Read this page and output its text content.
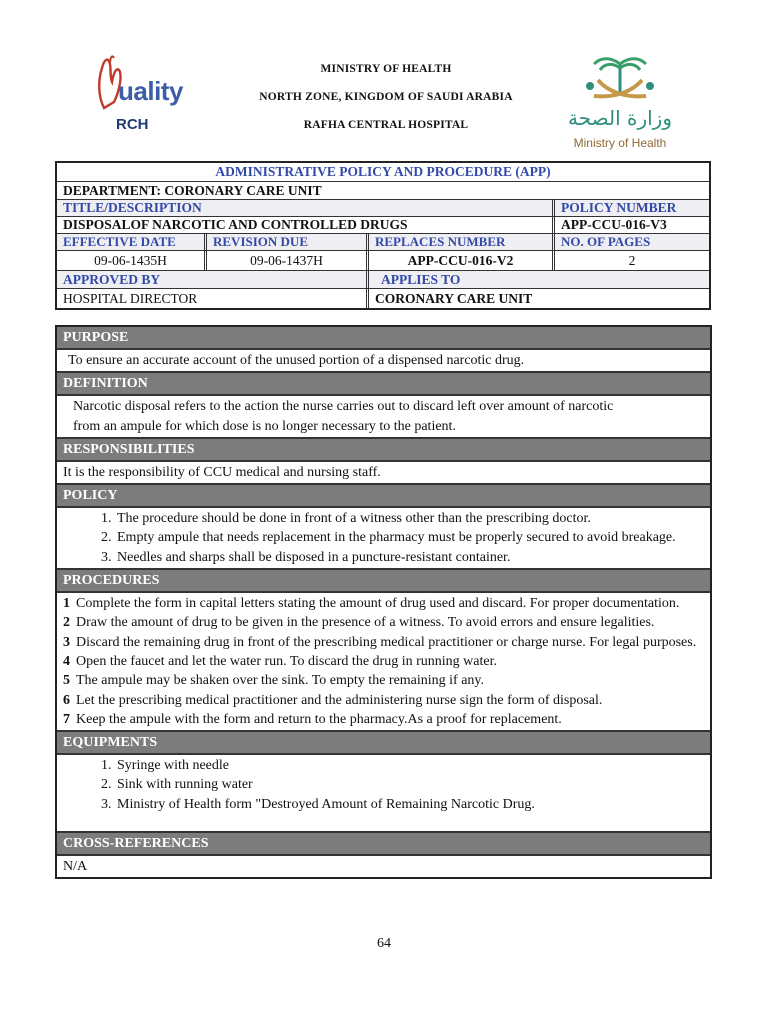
uality
RCH
MINISTRY OF HEALTH
NORTH ZONE, KINGDOM OF SAUDI ARABIA
RAFHA CENTRAL HOSPITAL	وزارة الصحة
Ministry of Health
ADMINISTRATIVE POLICY AND PROCEDURE (APP)
DEPARTMENT: CORONARY CARE UNIT
TITLE/DESCRIPTION	POLICY NUMBER
DISPOSALOF NARCOTIC AND CONTROLLED DRUGS	APP-CCU-016-V3
EFFECTIVE DATE	REVISION DUE	REPLACES NUMBER	NO. OF PAGES
09-06-1435H	09-06-1437H	APP-CCU-016-V2	2
APPROVED BY	APPLIES TO
HOSPITAL DIRECTOR	CORONARY CARE UNIT
PURPOSE
To ensure an accurate account of the unused portion of a dispensed narcotic drug.
DEFINITION
Narcotic disposal refers to the action the nurse carries out to discard left over amount of narcotic
from an ampule for which dose is no longer necessary to the patient.
RESPONSIBILITIES
It is the responsibility of CCU medical and nursing staff.
POLICY
1. The procedure should be done in front of a witness other than the prescribing doctor.
2. Empty ampule that needs replacement in the pharmacy must be properly secured to avoid breakage.
3. Needles and sharps shall be disposed in a puncture-resistant container.
PROCEDURES

1 Complete the form in capital letters stating the amount of drug used and discard. For proper documentation.

2 Draw the amount of drug to be given in the presence of a witness. To avoid errors and ensure legalities.

3 Discard the remaining drug in front of the prescribing medical practitioner or charge nurse. For legal purposes.

4 Open the faucet and let the water run. To discard the drug in running water.

5 The ampule may be shaken over the sink. To empty the remaining if any.

6 Let the prescribing medical practitioner and the administering nurse sign the form of disposal.

7 Keep the ampule with the form and return to the pharmacy.As a proof for replacement.

EQUIPMENTS
1. Syringe with needle
2. Sink with running water
3. Ministry of Health form "Destroyed Amount of Remaining Narcotic Drug.
CROSS-REFERENCES
N/A
64
